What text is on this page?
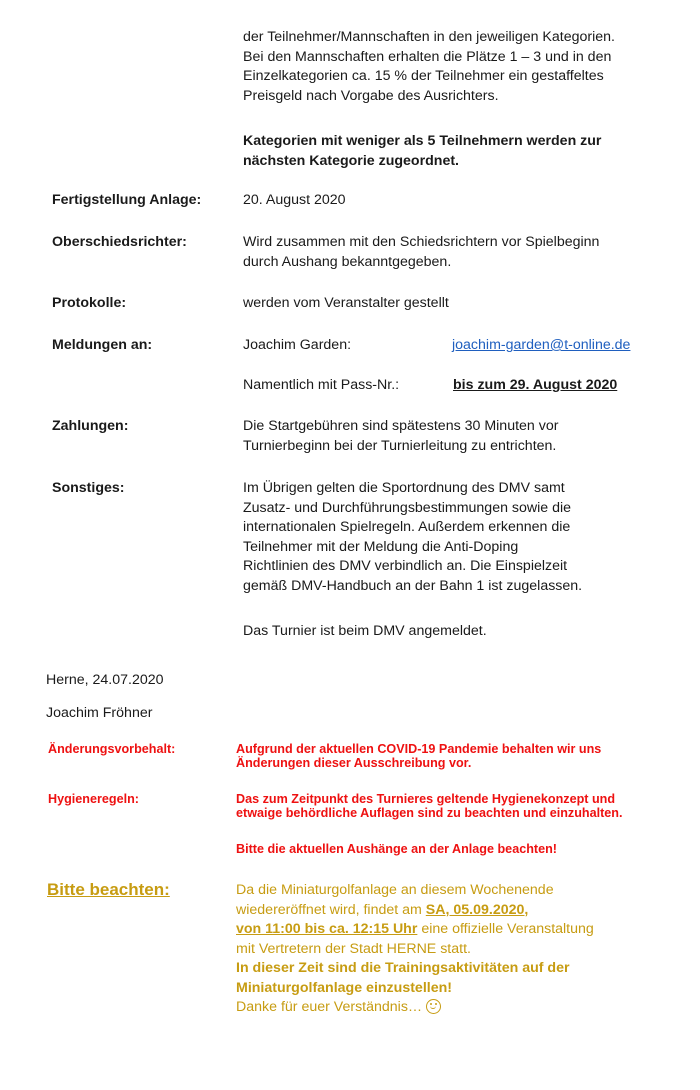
der Teilnehmer/Mannschaften in den jeweiligen Kategorien.
Bei den Mannschaften erhalten die Plätze 1 – 3 und in den
Einzelkategorien ca. 15 % der Teilnehmer ein gestaffeltes
Preisgeld nach Vorgabe des Ausrichters.
Kategorien mit weniger als 5 Teilnehmern werden zur
nächsten Kategorie zugeordnet.
Fertigstellung Anlage:	20. August 2020
Oberschiedsrichter:	Wird zusammen mit den Schiedsrichtern vor Spielbeginn
durch Aushang bekanntgegeben.
Protokolle:	werden vom Veranstalter gestellt
Meldungen an:	Joachim Garden:	joachim-garden@t-online.de
Namentlich mit Pass-Nr.:	bis zum 29. August 2020
Zahlungen:	Die Startgebühren sind spätestens 30 Minuten vor
Turnierbeginn bei der Turnierleitung zu entrichten.
Sonstiges:	Im Übrigen gelten die Sportordnung des DMV samt
Zusatz- und Durchführungsbestimmungen sowie die
internationalen Spielregeln. Außerdem erkennen die
Teilnehmer mit der Meldung die Anti-Doping
Richtlinien des DMV verbindlich an. Die Einspielzeit
gemäß DMV-Handbuch an der Bahn 1 ist zugelassen.
Das Turnier ist beim DMV angemeldet.
Herne, 24.07.2020
Joachim Fröhner
Änderungsvorbehalt:	Aufgrund der aktuellen COVID-19 Pandemie behalten wir uns
Änderungen dieser Ausschreibung vor.
Hygieneregeln:	Das zum Zeitpunkt des Turnieres geltende Hygienekonzept und
etwaige behördliche Auflagen sind zu beachten und einzuhalten.
Bitte die aktuellen Aushänge an der Anlage beachten!
Bitte beachten:	Da die Miniaturgolfanlage an diesem Wochenende
wiedereröffnet wird, findet am SA, 05.09.2020,
von 11:00 bis ca. 12:15 Uhr eine offizielle Veranstaltung
mit Vertretern der Stadt HERNE statt.
In dieser Zeit sind die Trainingsaktivitäten auf der
Miniaturgolfanlage einzustellen!
Danke für euer Verständnis…
